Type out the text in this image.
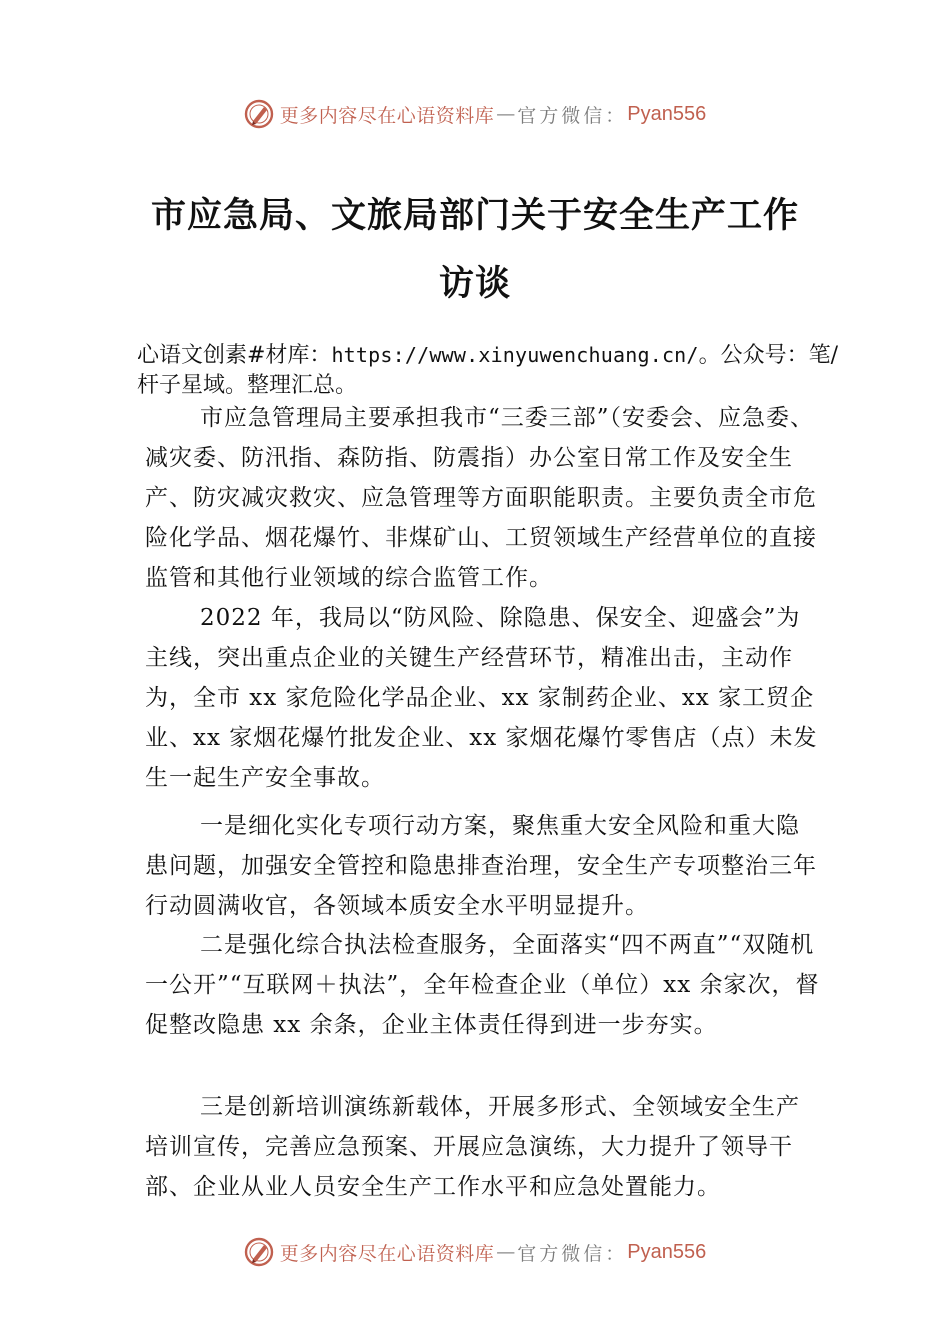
更多内容尽在心语资料库 — 官方微信： Pyan556
市应急局、文旅局部门关于安全生产工作
访谈
心语文创素#材库：https://www.xinyuwenchuang.cn/。公众号：笔/杆子星域。整理汇总。

市应急管理局主要承担我市“三委三部”（安委会、应急委、减灾委、防汛指、森防指、防震指）办公室日常工作及安全生产、防灾减灾救灾、应急管理等方面职能职责。主要负责全市危险化学品、烟花爆竹、非煤矿山、工贸领域生产经营单位的直接监管和其他行业领域的综合监管工作。

2022 年，我局以“防风险、除隐患、保安全、迎盛会”为主线，突出重点企业的关键生产经营环节，精准出击，主动作为，全市 xx 家危险化学品企业、xx 家制药企业、xx 家工贸企业、xx 家烟花爆竹批发企业、xx 家烟花爆竹零售店（点）未发生一起生产安全事故。

一是细化实化专项行动方案，聚焦重大安全风险和重大隐患问题，加强安全管控和隐患排查治理，安全生产专项整治三年行动圆满收官，各领域本质安全水平明显提升。

二是强化综合执法检查服务，全面落实“四不两直”“双随机一公开”“互联网＋执法”，全年检查企业（单位）xx 余家次，督促整改隐患 xx 余条，企业主体责任得到进一步夯实。

三是创新培训演练新载体，开展多形式、全领域安全生产培训宣传，完善应急预案、开展应急演练，大力提升了领导干部、企业从业人员安全生产工作水平和应急处置能力。

更多内容尽在心语资料库 — 官方微信： Pyan556
